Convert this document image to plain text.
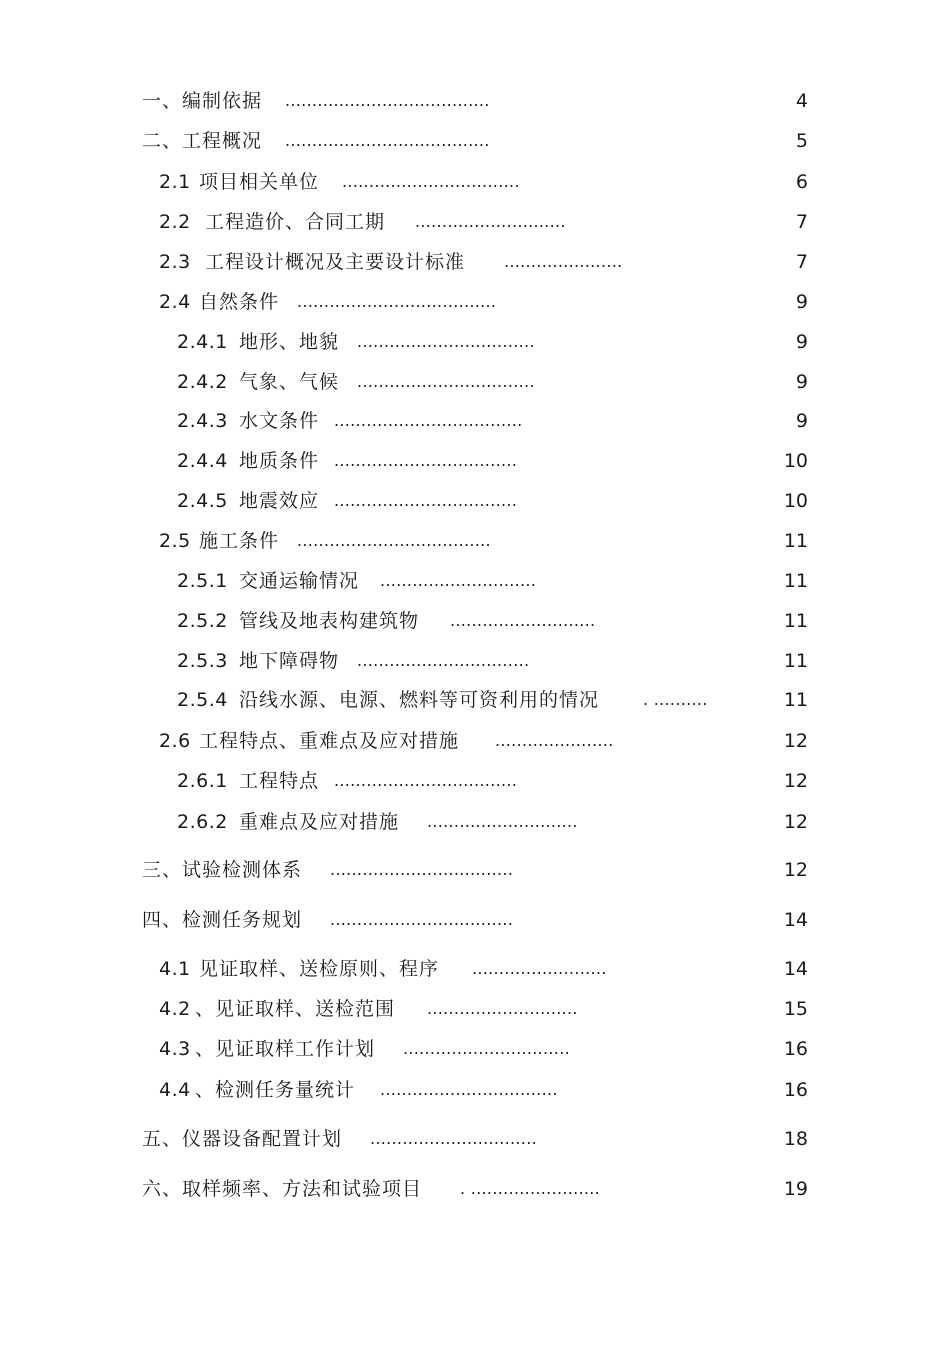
一、编制依据 ......................................	4
二、工程概况 ......................................	5
2.1 项目相关单位 .................................	6
2.2 工程造价、合同工期 ............................	7
2.3 工程设计概况及主要设计标准 ......................	7
2.4 自然条件 .....................................	9
2.4.1 地形、地貌 .................................	9
2.4.2 气象、气候 .................................	9
2.4.3 水文条件 ...................................	9
2.4.4 地质条件 ..................................	10
2.4.5 地震效应 ..................................	10
2.5 施工条件 ....................................	11
2.5.1 交通运输情况 .............................	11
2.5.2 管线及地表构建筑物 ...........................	11
2.5.3 地下障碍物 ................................	11
2.5.4 沿线水源、电源、燃料等可资利用的情况	. ..........	11
2.6 工程特点、重难点及应对措施 ......................	12
2.6.1 工程特点 ..................................	12
2.6.2 重难点及应对措施 ............................	12
三、试验检测体系 ..................................	12
四、检测任务规划 ..................................	14
4.1 见证取样、送检原则、程序 .........................	14
4.2 、见证取样、送检范围 ............................	15
4.3 、见证取样工作计划 ...............................	16
4.4 、检测任务量统计 .................................	16
五、仪器设备配置计划 ...............................	18
六、取样频率、方法和试验项目 . ........................	19
